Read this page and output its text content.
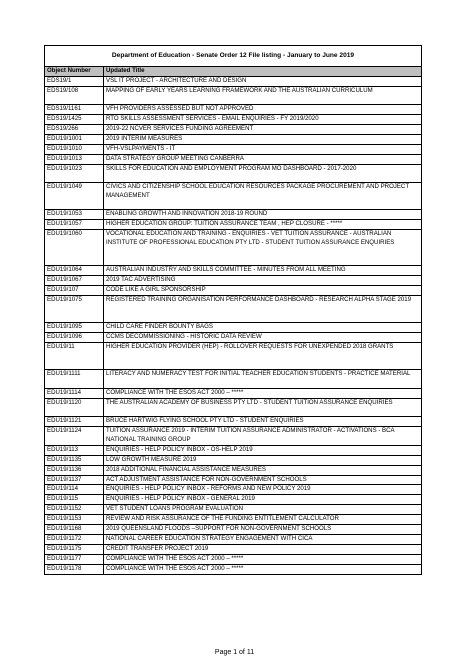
Department of Education - Senate Order 12 File listing - January to June 2019	
Object Number	Updated Title
EDS19/1	VSL IT PROJECT - ARCHITECTURE AND DESIGN
EDS19/108	MAPPING OF EARLY YEARS LEARNING FRAMEWORK AND THE AUSTRALIAN CURRICULUM
EDS19/1161	VFH PROVIDERS ASSESSED BUT NOT APPROVED
EDS19/1425	RTO SKILLS ASSESSMENT SERVICES - EMAIL ENQUIRIES - FY 2019/2020
EDS19/266	2019-22 NCVER SERVICES FUNDING AGREEMENT
EDU19/1001	2019 INTERIM MEASURES
EDU19/1010	VFH-VSLPAYMENTS - IT
EDU19/1013	DATA STRATEGY GROUP MEETING CANBERRA
EDU19/1023	SKILLS FOR EDUCATION AND EMPLOYMENT PROGRAM MO DASHBOARD - 2017-2020
EDU19/1049	CIVICS AND CITIZENSHIP SCHOOL EDUCATION RESOURCES PACKAGE PROCUREMENT AND PROJECT MANAGEMENT
EDU19/1053	ENABLING GROWTH AND INNOVATION 2018-19 ROUND
EDU19/1057	HIGHER EDUCATION GROUP: TUITION ASSURANCE TEAM , HEP CLOSURE - *****
EDU19/1060	VOCATIONAL EDUCATION AND TRAINING - ENQUIRIES - VET TUITION ASSURANCE - AUSTRALIAN INSTITUTE OF PROFESSIONAL EDUCATION PTY LTD - STUDENT TUITION ASSURANCE ENQUIRIES
EDU19/1064	AUSTRALIAN INDUSTRY AND SKILLS COMMITTEE - MINUTES FROM ALL MEETING
EDU19/1067	2019 TAC ADVERTISING
EDU19/107	CODE LIKE A GIRL SPONSORSHIP
EDU19/1075	REGISTERED TRAINING ORGANISATION PERFORMANCE DASHBOARD - RESEARCH ALPHA STAGE 2019
EDU19/1095	CHILD CARE FINDER BOUNTY BAGS
EDU19/1096	CCMS DECOMMISSIONING - HISTORIC DATA REVIEW
EDU19/11	HIGHER EDUCATION PROVIDER (HEP) - ROLLOVER REQUESTS FOR UNEXPENDED 2018 GRANTS
EDU19/1111	LITERACY AND NUMERACY TEST FOR INITIAL TEACHER EDUCATION STUDENTS - PRACTICE MATERIAL
EDU19/1114	COMPLIANCE WITH THE ESOS ACT 2000 – *****
EDU19/1120	THE AUSTRALIAN ACADEMY OF BUSINESS PTY LTD - STUDENT TUITION ASSURANCE ENQUIRIES
EDU19/1121	BRUCE HARTWIG FLYING SCHOOL PTY LTD - STUDENT ENQUIRIES
EDU19/1124	TUITION ASSURANCE 2019 - INTERIM TUITION ASSURANCE ADMINISTRATOR - ACTIVATIONS - BCA NATIONAL TRAINING GROUP
EDU19/113	ENQUIRIES - HELP POLICY INBOX - OS-HELP 2019
EDU19/1135	LOW GROWTH MEASURE 2019
EDU19/1136	2018 ADDITIONAL FINANCIAL ASSISTANCE MEASURES
EDU19/1137	ACT ADJUSTMENT ASSISTANCE FOR NON-GOVERNMENT SCHOOLS
EDU19/114	ENQUIRIES - HELP POLICY INBOX - REFORMS AND NEW POLICY 2019
EDU19/115	ENQUIRIES - HELP POLICY INBOX - GENERAL 2019
EDU19/1152	VET STUDENT LOANS PROGRAM EVALUATION
EDU19/1153	REVIEW AND RISK ASSURANCE OF THE FUNDING ENTITLEMENT CALCULATOR
EDU19/1168	2019 QUEENSLAND FLOODS –SUPPORT FOR NON-GOVERNMENT SCHOOLS
EDU19/1172	NATIONAL CAREER EDUCATION STRATEGY ENGAGEMENT WITH CICA
EDU19/1175	CREDIT TRANSFER PROJECT 2019
EDU19/1177	COMPLIANCE WITH THE ESOS ACT 2000 – *****
EDU19/1178	COMPLIANCE WITH THE ESOS ACT 2000 – *****
Page 1 of 11
